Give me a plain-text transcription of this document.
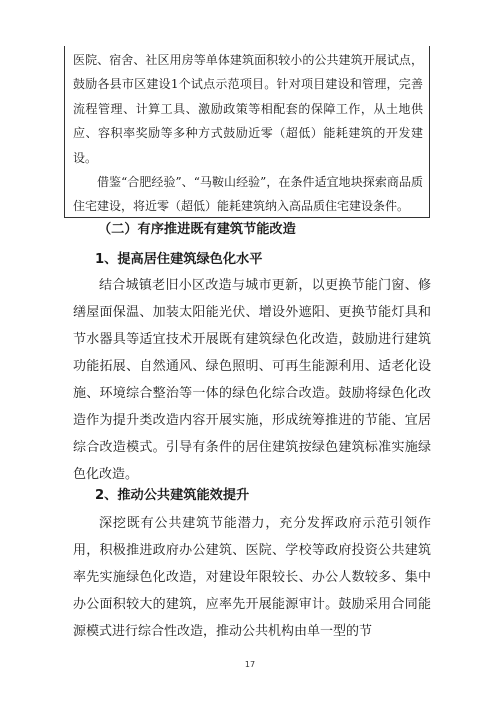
医院、宿舍、社区用房等单体建筑面积较小的公共建筑开展试点，鼓励各县市区建设1个试点示范项目。针对项目建设和管理，完善流程管理、计算工具、激励政策等相配套的保障工作，从土地供应、容积率奖励等多种方式鼓励近零（超低）能耗建筑的开发建设。

借鉴“合肥经验”、“马鞍山经验”，在条件适宜地块探索商品质住宅建设，将近零（超低）能耗建筑纳入高品质住宅建设条件。

（二）有序推进既有建筑节能改造
1、提高居住建筑绿色化水平

结合城镇老旧小区改造与城市更新，以更换节能门窗、修缮屋面保温、加装太阳能光伏、增设外遮阳、更换节能灯具和节水器具等适宜技术开展既有建筑绿色化改造，鼓励进行建筑功能拓展、自然通风、绿色照明、可再生能源利用、适老化设施、环境综合整治等一体的绿色化综合改造。鼓励将绿色化改造作为提升类改造内容开展实施，形成统筹推进的节能、宜居综合改造模式。引导有条件的居住建筑按绿色建筑标准实施绿色化改造。

2、推动公共建筑能效提升

深挖既有公共建筑节能潜力，充分发挥政府示范引领作用，积极推进政府办公建筑、医院、学校等政府投资公共建筑率先实施绿色化改造，对建设年限较长、办公人数较多、集中办公面积较大的建筑，应率先开展能源审计。鼓励采用合同能源模式进行综合性改造，推动公共机构由单一型的节

17
